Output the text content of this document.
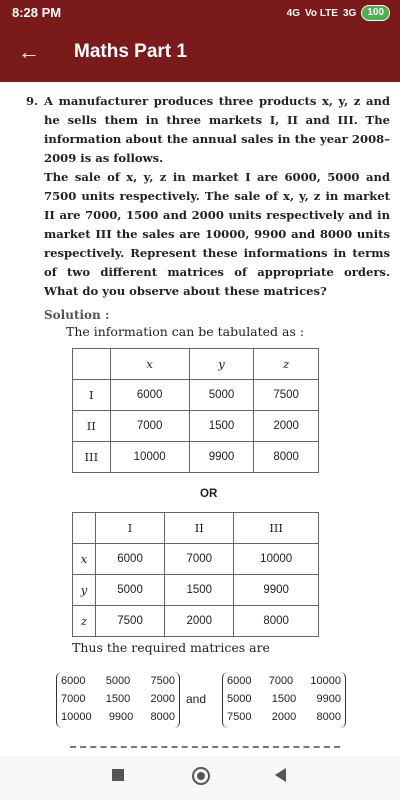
8:28 PM	4G Vo LTE 3G	100
← Maths Part 1
9. A manufacturer produces three products x, y, z and he sells them in three markets I, II and III. The information about the annual sales in the year 2008–2009 is as follows.

The sale of x, y, z in market I are 6000, 5000 and 7500 units respectively. The sale of x, y, z in market II are 7000, 1500 and 2000 units respectively and in market III the sales are 10000, 9900 and 8000 units respectively. Represent these informations in terms of two different matrices of appropriate orders. What do you observe about these matrices?

Solution :
The information can be tabulated as :
	x	y	z
I	6000	5000	7500
II	7000	1500	2000
III	10000	9900	8000
OR
	I	II	III
x	6000	7000	10000
y	5000	1500	9900
z	7500	2000	8000
Thus the required matrices are
6000 5000 7500
7000 1500 2000
10000 9900 8000
and
6000 7000 10000
5000 1500 9900
7500 2000 8000
